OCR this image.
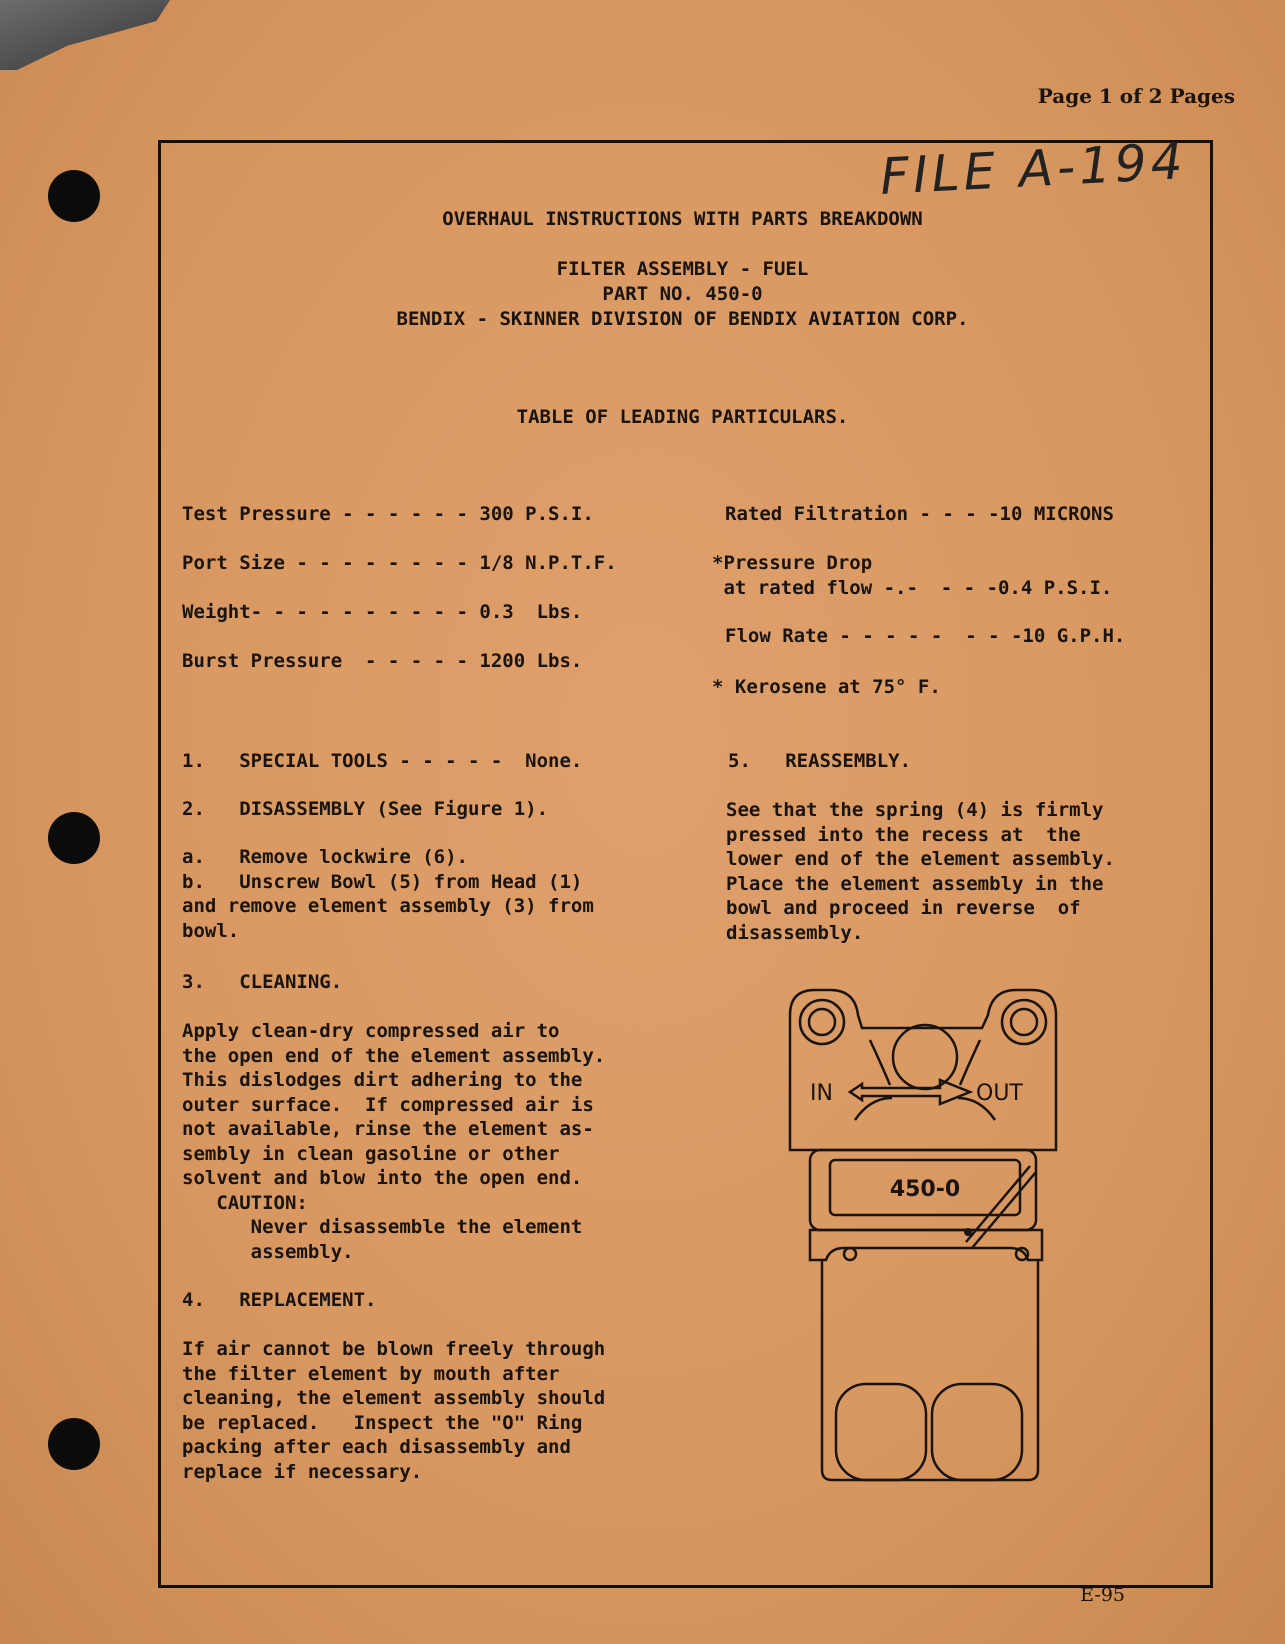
Page 1 of 2 Pages
FILE A-194
OVERHAUL INSTRUCTIONS WITH PARTS BREAKDOWN
FILTER ASSEMBLY - FUEL
PART NO. 450-0
BENDIX - SKINNER DIVISION OF BENDIX AVIATION CORP.
TABLE OF LEADING PARTICULARS.
Test Pressure - - - - - - 300 P.S.I.
Port Size - - - - - - - - 1/8 N.P.T.F.
Weight- - - - - - - - - - 0.3  Lbs.
Burst Pressure  - - - - - 1200 Lbs.
Rated Filtration - - - -10 MICRONS
*Pressure Drop
at rated flow -.-  - - -0.4 P.S.I.
Flow Rate - - - - -  - - -10 G.P.H.
* Kerosene at 75° F.
1.   SPECIAL TOOLS - - - - -  None.
2.   DISASSEMBLY (See Figure 1).
a.   Remove lockwire (6).
b.   Unscrew Bowl (5) from Head (1)
and remove element assembly (3) from
bowl.
3.   CLEANING.
Apply clean-dry compressed air to
the open end of the element assembly.
This dislodges dirt adhering to the
outer surface.  If compressed air is
not available, rinse the element as-
sembly in clean gasoline or other
solvent and blow into the open end.
CAUTION:
Never disassemble the element
assembly.
4.   REPLACEMENT.
If air cannot be blown freely through
the filter element by mouth after
cleaning, the element assembly should
be replaced.   Inspect the "O" Ring
packing after each disassembly and
replace if necessary.
5.   REASSEMBLY.
See that the spring (4) is firmly
pressed into the recess at  the
lower end of the element assembly.
Place the element assembly in the
bowl and proceed in reverse  of
disassembly.
IN	OUT
450-0
E-95
